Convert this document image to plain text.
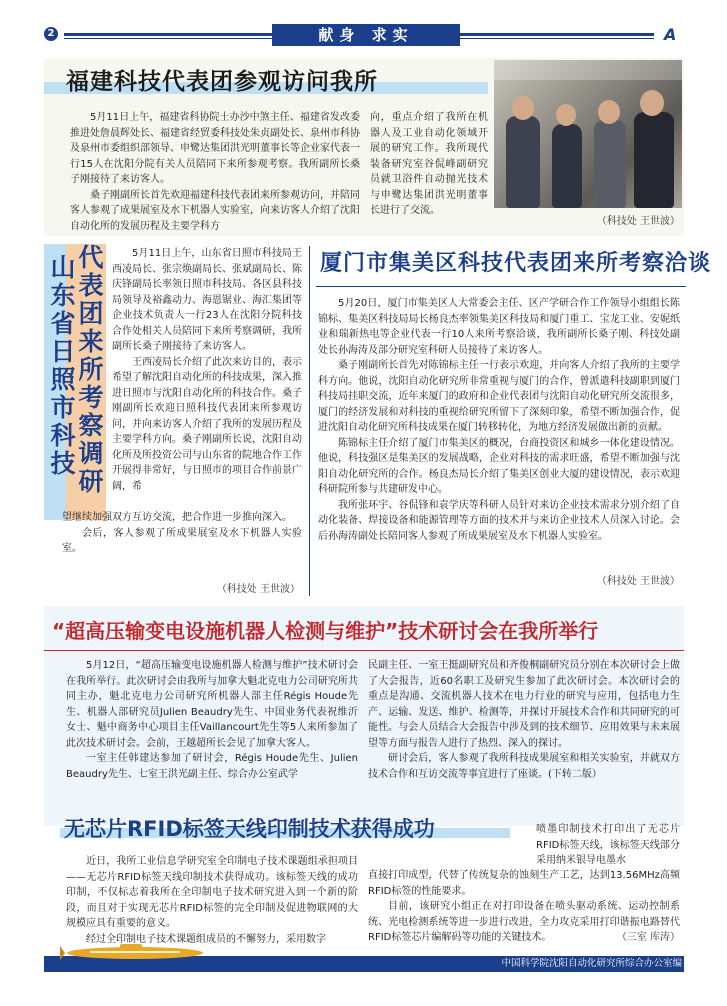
2	献身 求实	A
福建科技代表团参观访问我所

5月11日上午，福建省科协院士办沙中煞主任、福建省发改委推进处詹晨辉处长、福建省经贸委科技处朱贞副处长、泉州市科协及泉州市委组织部领导、申鹭达集团洪光明董事长等企业家代表一行15人在沈阳分院有关人员陪同下来所参观考察。我所副所长桑子刚接待了来访客人。

桑子刚副所长首先欢迎福建科技代表团来所参观访问，并陪同客人参观了成果展室及水下机器人实验室，向来访客人介绍了沈阳自动化所的发展历程及主要学科方

向，重点介绍了我所在机器人及工业自动化领域开展的研究工作。我所现代装备研究室谷侃峰副研究员就卫浴件自动抛光技术与申鹭达集团洪光明董事长进行了交流。

（科技处 王世波）
山东省日照市科技
代表团来所考察调研

5月11日上午，山东省日照市科技局王西凌局长、张宗焕副局长、张斌副局长、陈庆锋副局长率领日照市科技局、各区县科技局领导及裕鑫动力、海恩锯业、海汇集团等企业技术负责人一行23人在沈阳分院科技合作处相关人员陪同下来所考察调研，我所副所长桑子刚接待了来访客人。

王西凌局长介绍了此次来访目的，表示希望了解沈阳自动化所的科技成果，深入推进日照市与沈阳自动化所的科技合作。桑子刚副所长欢迎日照科技代表团来所参观访问，并向来访客人介绍了我所的发展历程及主要学科方向。桑子刚副所长说，沈阳自动化所及所投资公司与山东省的院地合作工作开展得非常好，与日照市的项目合作前景广阔，希

望继续加强双方互访交流，把合作进一步推向深入。

会后，客人参观了所成果展室及水下机器人实验室。

（科技处 王世波）
厦门市集美区科技代表团来所考察洽谈

5月20日，厦门市集美区人大常委会主任、区产学研合作工作领导小组组长陈锦标、集美区科技局局长杨良杰率领集美区科技局和厦门重工、宝龙工业、安妮纸业和瑞新热电等企业代表一行10人来所考察洽谈，我所副所长桑子刚、科技处副处长孙海涛及部分研究室科研人员接待了来访客人。

桑子刚副所长首先对陈锦标主任一行表示欢迎，并向客人介绍了我所的主要学科方向。他说，沈阳自动化研究所非常重视与厦门的合作，曾派遣科技副职到厦门科技局挂职交流，近年来厦门的政府和企业代表团与沈阳自动化研究所交流很多，厦门的经济发展和对科技的重视给研究所留下了深刻印象，希望不断加强合作，促进沈阳自动化研究所科技成果在厦门转移转化，为地方经济发展做出新的贡献。

陈锦标主任介绍了厦门市集美区的概况，台商投资区和城乡一体化建设情况。他说，科技强区是集美区的发展战略，企业对科技的需求旺盛，希望不断加强与沈阳自动化研究所的合作。杨良杰局长介绍了集美区创业大厦的建设情况，表示欢迎科研院所参与共建研发中心。

我所张环宇、谷侃锋和袁学庆等科研人员针对来访企业技术需求分别介绍了自动化装备、焊接设备和能源管理等方面的技术并与来访企业技术人员深入讨论。会后孙海涛副处长陪同客人参观了所成果展室及水下机器人实验室。

（科技处 王世波）
“超高压输变电设施机器人检测与维护”技术研讨会在我所举行

5月12日，“超高压输变电设施机器人检测与维护”技术研讨会在我所举行。此次研讨会由我所与加拿大魁北克电力公司研究所共同主办，魁北克电力公司研究所机器人部主任Régis Houde先生、机器人部研究员Julien Beaudry先生、中国业务代表祝维沂女士、魁中商务中心项目主任Vaillancourt先生等5人来所参加了此次技术研讨会。会前，王越超所长会见了加拿大客人。

一室主任韩建达参加了研讨会，Régis Houde先生、Julien Beaudry先生、七室王洪光副主任、综合办公室武学

民副主任、一室王挺副研究员和齐俊桐副研究员分别在本次研讨会上做了大会报告，近60名职工及研究生参加了此次研讨会。本次研讨会的重点是沟通、交流机器人技术在电力行业的研究与应用，包括电力生产、运输、发送、维护、检测等，并探讨开展技术合作和共同研究的可能性。与会人员结合大会报告中涉及到的技术细节、应用效果与未来展望等方面与报告人进行了热烈、深入的探讨。

研讨会后，客人参观了我所科技成果展室和相关实验室，并就双方技术合作和互访交流等事宜进行了座谈。(下转二版）

无芯片RFID标签天线印制技术获得成功	喷墨印制技术打印出了无芯片RFID标签天线，该标签天线部分采用纳米银导电墨水

近日，我所工业信息学研究室全印制电子技术课题组承担项目——无芯片RFID标签天线印制技术获得成功。该标签天线的成功印制，不仅标志着我所在全印制电子技术研究进入到一个新的阶段，而且对于实现无芯片RFID标签的完全印制及促进物联网的大规模应具有重要的意义。

经过全印制电子技术课题组成员的不懈努力，采用数字

直接打印成型，代替了传统复杂的蚀刻生产工艺，达到13.56MHz高频RFID标签的性能要求。

目前，该研究小组正在对打印设备在喷头驱动系统、运动控制系统、光电检测系统等进一步进行改进，全力攻克采用打印谐振电路替代RFID标签芯片编解码等功能的关键技术。	（三室 库涛）
中国科学院沈阳自动化研究所综合办公室编
